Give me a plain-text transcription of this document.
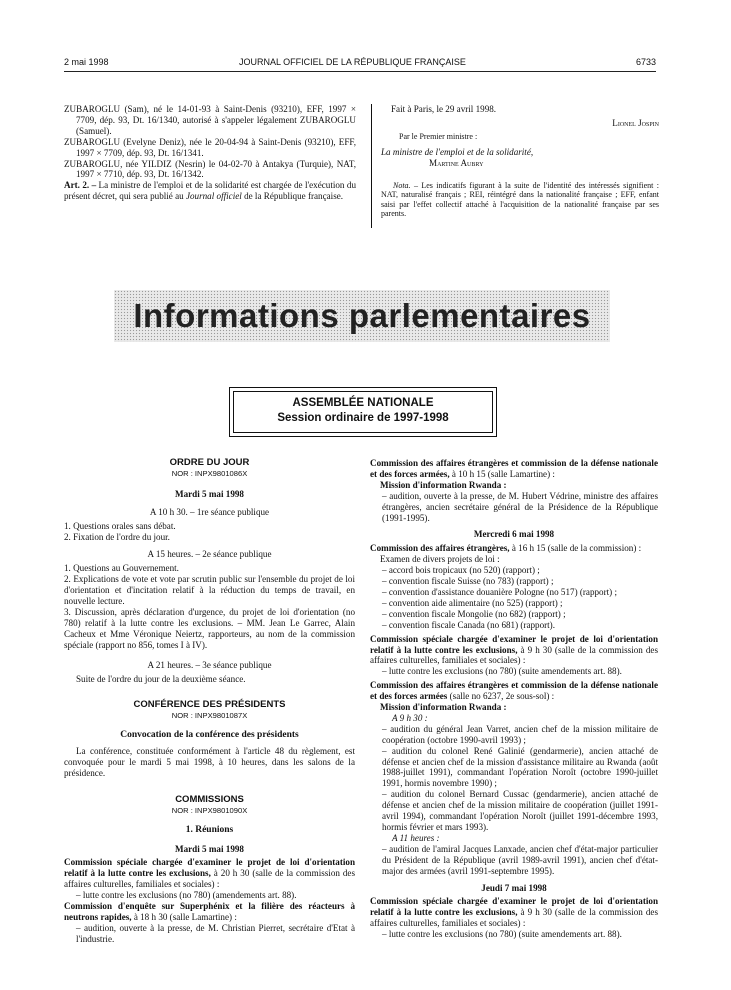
2 mai 1998	JOURNAL OFFICIEL DE LA RÉPUBLIQUE FRANÇAISE	6733

ZUBAROGLU (Sam), né le 14-01-93 à Saint-Denis (93210), EFF, 1997 × 7709, dép. 93, Dt. 16/1340, autorisé à s'appeler légalement ZUBAROGLU (Samuel).

ZUBAROGLU (Evelyne Deniz), née le 20-04-94 à Saint-Denis (93210), EFF, 1997 × 7709, dép. 93, Dt. 16/1341.

ZUBAROGLU, née YILDIZ (Nesrin) le 04-02-70 à Antakya (Turquie), NAT, 1997 × 7710, dép. 93, Dt. 16/1342.

Art. 2. – La ministre de l'emploi et de la solidarité est chargée de l'exécution du présent décret, qui sera publié au Journal officiel de la République française.

Fait à Paris, le 29 avril 1998.

Lionel Jospin

Par le Premier ministre :

La ministre de l'emploi et de la solidarité,

Martine Aubry

Nota. – Les indicatifs figurant à la suite de l'identité des intéressés signifient : NAT, naturalisé français ; REI, réintégré dans la nationalité française ; EFF, enfant saisi par l'effet collectif attaché à l'acquisition de la nationalité française par ses parents.

Informations parlementaires
ASSEMBLÉE NATIONALE
Session ordinaire de 1997-1998

ORDRE DU JOUR

NOR : INPX9801086X

Mardi 5 mai 1998

A 10 h 30. – 1re séance publique

1. Questions orales sans débat.

2. Fixation de l'ordre du jour.

A 15 heures. – 2e séance publique

1. Questions au Gouvernement.

2. Explications de vote et vote par scrutin public sur l'ensemble du projet de loi d'orientation et d'incitation relatif à la réduction du temps de travail, en nouvelle lecture.

3. Discussion, après déclaration d'urgence, du projet de loi d'orientation (no 780) relatif à la lutte contre les exclusions. – MM. Jean Le Garrec, Alain Cacheux et Mme Véronique Neiertz, rapporteurs, au nom de la commission spéciale (rapport no 856, tomes I à IV).

A 21 heures. – 3e séance publique

Suite de l'ordre du jour de la deuxième séance.

CONFÉRENCE DES PRÉSIDENTS

NOR : INPX9801087X

Convocation de la conférence des présidents

La conférence, constituée conformément à l'article 48 du règlement, est convoquée pour le mardi 5 mai 1998, à 10 heures, dans les salons de la présidence.

COMMISSIONS

NOR : INPX9801090X

1. Réunions

Mardi 5 mai 1998

Commission spéciale chargée d'examiner le projet de loi d'orientation relatif à la lutte contre les exclusions, à 20 h 30 (salle de la commission des affaires culturelles, familiales et sociales) :

– lutte contre les exclusions (no 780) (amendements art. 88).

Commission d'enquête sur Superphénix et la filière des réacteurs à neutrons rapides, à 18 h 30 (salle Lamartine) :

– audition, ouverte à la presse, de M. Christian Pierret, secrétaire d'Etat à l'industrie.

Commission des affaires étrangères et commission de la défense nationale et des forces armées, à 10 h 15 (salle Lamartine) :

Mission d'information Rwanda :

– audition, ouverte à la presse, de M. Hubert Védrine, ministre des affaires étrangères, ancien secrétaire général de la Présidence de la République (1991-1995).

Mercredi 6 mai 1998

Commission des affaires étrangères, à 16 h 15 (salle de la commission) :

Examen de divers projets de loi :

– accord bois tropicaux (no 520) (rapport) ;

– convention fiscale Suisse (no 783) (rapport) ;

– convention d'assistance douanière Pologne (no 517) (rapport) ;

– convention aide alimentaire (no 525) (rapport) ;

– convention fiscale Mongolie (no 682) (rapport) ;

– convention fiscale Canada (no 681) (rapport).

Commission spéciale chargée d'examiner le projet de loi d'orientation relatif à la lutte contre les exclusions, à 9 h 30 (salle de la commission des affaires culturelles, familiales et sociales) :

– lutte contre les exclusions (no 780) (suite amendements art. 88).

Commission des affaires étrangères et commission de la défense nationale et des forces armées (salle no 6237, 2e sous-sol) :

Mission d'information Rwanda :

A 9 h 30 :

– audition du général Jean Varret, ancien chef de la mission militaire de coopération (octobre 1990-avril 1993) ;

– audition du colonel René Galinié (gendarmerie), ancien attaché de défense et ancien chef de la mission d'assistance militaire au Rwanda (août 1988-juillet 1991), commandant l'opération Noroît (octobre 1990-juillet 1991, hormis novembre 1990) ;

– audition du colonel Bernard Cussac (gendarmerie), ancien attaché de défense et ancien chef de la mission militaire de coopération (juillet 1991-avril 1994), commandant l'opération Noroît (juillet 1991-décembre 1993, hormis février et mars 1993).

A 11 heures :

– audition de l'amiral Jacques Lanxade, ancien chef d'état-major particulier du Président de la République (avril 1989-avril 1991), ancien chef d'état-major des armées (avril 1991-septembre 1995).

Jeudi 7 mai 1998

Commission spéciale chargée d'examiner le projet de loi d'orientation relatif à la lutte contre les exclusions, à 9 h 30 (salle de la commission des affaires culturelles, familiales et sociales) :

– lutte contre les exclusions (no 780) (suite amendements art. 88).
